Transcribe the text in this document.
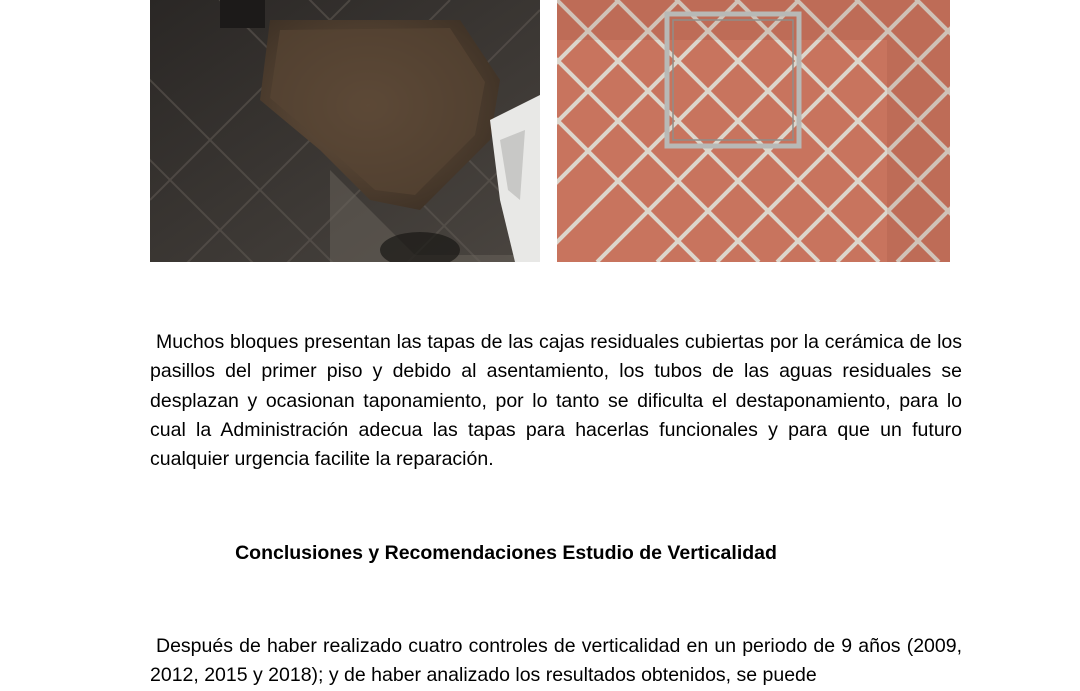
Muchos bloques presentan las tapas de las cajas residuales cubiertas por la cerámica de los pasillos del primer piso y debido al asentamiento, los tubos de las aguas residuales se desplazan y ocasionan taponamiento, por lo tanto se dificulta el destaponamiento, para lo cual la Administración adecua las tapas para hacerlas funcionales y para que un futuro cualquier urgencia facilite la reparación.

Conclusiones y Recomendaciones Estudio de Verticalidad

Después de haber realizado cuatro controles de verticalidad en un periodo de 9 años (2009, 2012, 2015 y 2018); y de haber analizado los resultados obtenidos, se puede
